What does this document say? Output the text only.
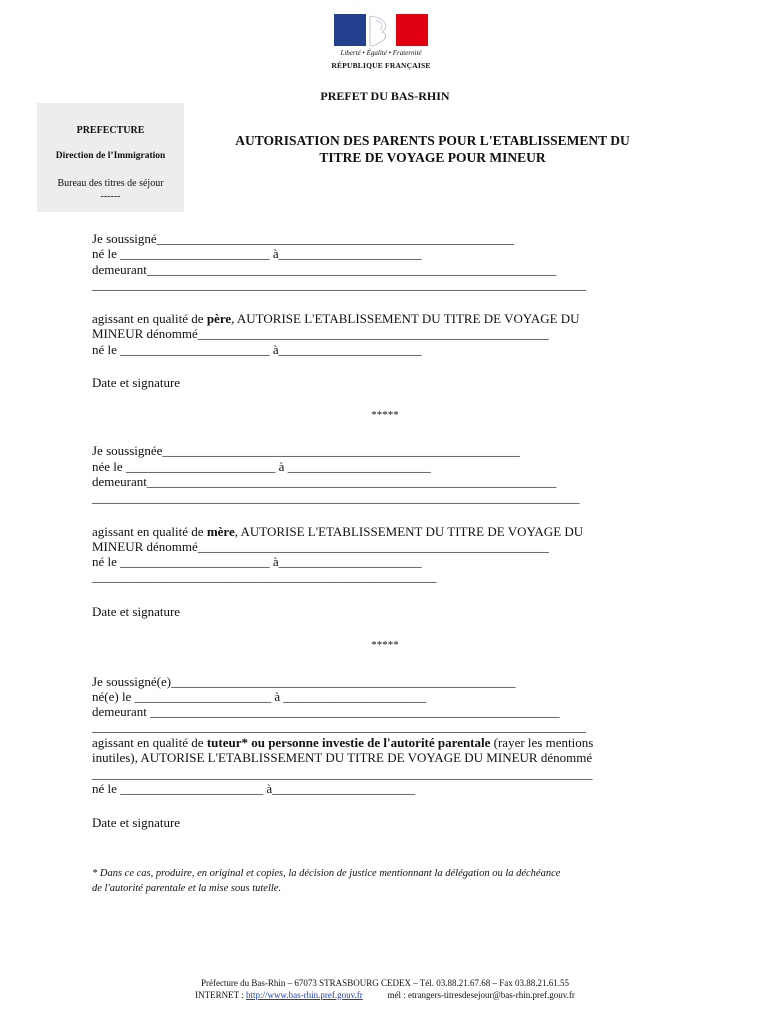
Liberté • Égalité • Fraternité
RÉPUBLIQUE FRANÇAISE
PREFET DU BAS-RHIN
PREFECTURE
Direction de l’Immigration
Bureau des titres de séjour
------
AUTORISATION DES PARENTS POUR L'ETABLISSEMENT DU
TITRE DE VOYAGE POUR MINEUR
Je soussigné_______________________________________________________
né le _______________________ à______________________
demeurant_______________________________________________________________
____________________________________________________________________________
agissant en qualité de père, AUTORISE L'ETABLISSEMENT DU TITRE DE VOYAGE DU
MINEUR dénommé______________________________________________________
né le _______________________ à______________________
Date et signature
*****
Je soussignée_______________________________________________________
née le _______________________ à ______________________
demeurant_______________________________________________________________
___________________________________________________________________________
agissant en qualité de mère, AUTORISE L'ETABLISSEMENT DU TITRE DE VOYAGE DU
MINEUR dénommé______________________________________________________
né le _______________________ à______________________
_____________________________________________________
Date et signature
*****
Je soussigné(e)_____________________________________________________
né(e) le _____________________ à ______________________
demeurant _______________________________________________________________
____________________________________________________________________________
agissant en qualité de tuteur* ou personne investie de l'autorité parentale (rayer les mentions
inutiles), AUTORISE L'ETABLISSEMENT DU TITRE DE VOYAGE DU MINEUR dénommé
_____________________________________________________________________________
né le ______________________ à______________________
Date et signature
* Dans ce cas, produire, en original et copies, la décision de justice mentionnant la délégation ou la déchéance
de l'autorité parentale et la mise sous tutelle.
Préfecture du Bas-Rhin – 67073 STRASBOURG CEDEX – Tél. 03.88.21.67.68 – Fax 03.88.21.61.55
INTERNET : http://www.bas-rhin.pref.gouv.fr           mél : etrangers-titresdesejour@bas-rhin.pref.gouv.fr
